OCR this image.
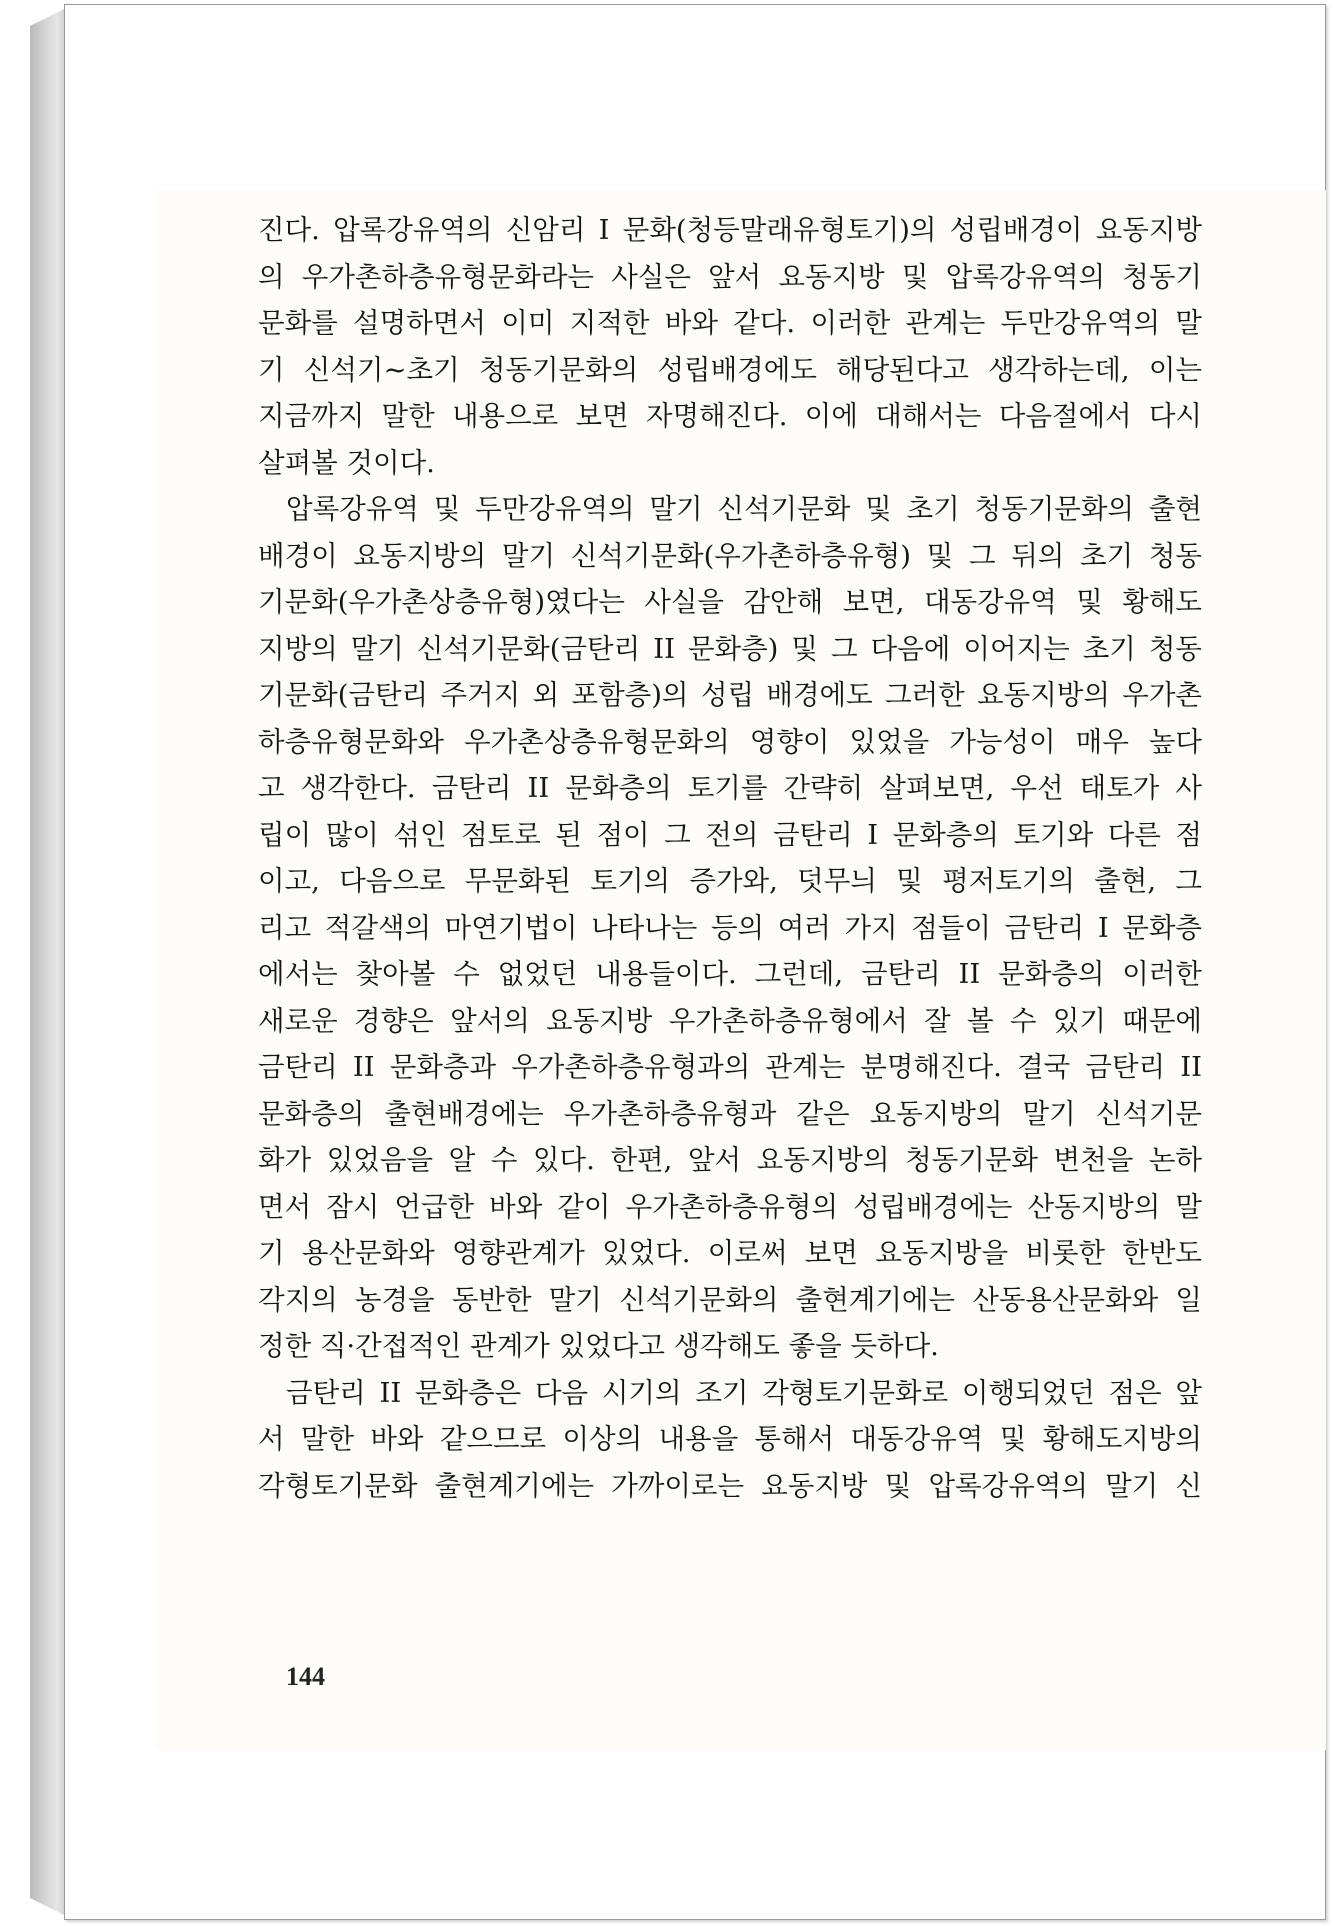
진다. 압록강유역의 신암리 I 문화(청등말래유형토기)의 성립배경이 요동지방
의 우가촌하층유형문화라는 사실은 앞서 요동지방 및 압록강유역의 청동기
문화를 설명하면서 이미 지적한 바와 같다. 이러한 관계는 두만강유역의 말
기 신석기~초기 청동기문화의 성립배경에도 해당된다고 생각하는데, 이는
지금까지 말한 내용으로 보면 자명해진다. 이에 대해서는 다음절에서 다시
살펴볼 것이다.

압록강유역 및 두만강유역의 말기 신석기문화 및 초기 청동기문화의 출현
배경이 요동지방의 말기 신석기문화(우가촌하층유형) 및 그 뒤의 초기 청동
기문화(우가촌상층유형)였다는 사실을 감안해 보면, 대동강유역 및 황해도
지방의 말기 신석기문화(금탄리 II 문화층) 및 그 다음에 이어지는 초기 청동
기문화(금탄리 주거지 외 포함층)의 성립 배경에도 그러한 요동지방의 우가촌
하층유형문화와 우가촌상층유형문화의 영향이 있었을 가능성이 매우 높다
고 생각한다. 금탄리 II 문화층의 토기를 간략히 살펴보면, 우선 태토가 사
립이 많이 섞인 점토로 된 점이 그 전의 금탄리 I 문화층의 토기와 다른 점
이고, 다음으로 무문화된 토기의 증가와, 덧무늬 및 평저토기의 출현, 그
리고 적갈색의 마연기법이 나타나는 등의 여러 가지 점들이 금탄리 I 문화층
에서는 찾아볼 수 없었던 내용들이다. 그런데, 금탄리 II 문화층의 이러한
새로운 경향은 앞서의 요동지방 우가촌하층유형에서 잘 볼 수 있기 때문에
금탄리 II 문화층과 우가촌하층유형과의 관계는 분명해진다. 결국 금탄리 II
문화층의 출현배경에는 우가촌하층유형과 같은 요동지방의 말기 신석기문
화가 있었음을 알 수 있다. 한편, 앞서 요동지방의 청동기문화 변천을 논하
면서 잠시 언급한 바와 같이 우가촌하층유형의 성립배경에는 산동지방의 말
기 용산문화와 영향관계가 있었다. 이로써 보면 요동지방을 비롯한 한반도
각지의 농경을 동반한 말기 신석기문화의 출현계기에는 산동용산문화와 일
정한 직·간접적인 관계가 있었다고 생각해도 좋을 듯하다.

금탄리 II 문화층은 다음 시기의 조기 각형토기문화로 이행되었던 점은 앞
서 말한 바와 같으므로 이상의 내용을 통해서 대동강유역 및 황해도지방의
각형토기문화 출현계기에는 가까이로는 요동지방 및 압록강유역의 말기 신

144
